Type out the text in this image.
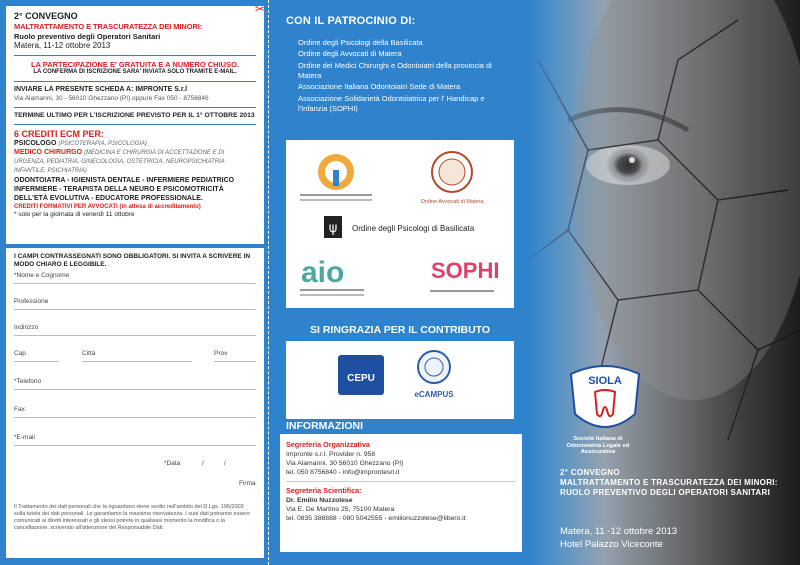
2° CONVEGNO
MALTRATTAMENTO E TRASCURATEZZA DEI MINORI:
Ruolo preventivo degli Operatori Sanitari
Matera, 11-12 ottobre 2013
LA PARTECIPAZIONE E' GRATUITA E A NUMERO CHIUSO.
LA CONFERMA DI ISCRIZIONE SARA' INVIATA SOLO TRAMITE E-MAIL.
INVIARE LA PRESENTE SCHEDA A: IMPRONTE S.r.l
Via Alamanni, 30 - 56010 Ghezzano (PI) oppure Fax 050 - 8756846
TERMINE ULTIMO PER L'ISCRIZIONE PREVISTO PER IL 1° OTTOBRE 2013
6 CREDITI ECM PER:
PSICOLOGO (PSICOTERAPIA, PSICOLOGIA)
MEDICO CHIRURGO (MEDICINA E CHIRURGIA DI ACCETTAZIONE E DI URGENZA, PEDIATRIA, GINECOLOGIA, OSTETRICIA, NEUROPSICHIATRIA INFANTILE, PSICHIATRIA)
ODONTOIATRA - IGIENISTA DENTALE - INFERMIERE PEDIATRICO
INFERMIERE - TERAPISTA DELLA NEURO E PSICOMOTRICITÀ
DELL'ETÀ EVOLUTIVA - EDUCATORE PROFESSIONALE.
CREDITI FORMATIVI PER AVVOCATI (in attesa di accreditamento)
* solo per la giornata di venerdì 11 ottobre
I CAMPI CONTRASSEGNATI SONO OBBLIGATORI. SI INVITA A SCRIVERE IN MODO CHIARO E LEGGIBILE.
*Nome e Cognome
Professione
Indirizzo
Cap	Città	Prov
*Telefono
Fax
*E-mail
*Data	/	/
Firma
Il Trattamento dei dati personali che la riguardano viene svolto nell'ambito del D.Lgs. 196/2003 sulla tutela dei dati personali. Le garantiamo la massima riservatezza. I suoi dati potranno essere comunicati ai diretti interessati e gli stessi potrete in qualsiasi momento la modifica o la cancellazione, scrivendo all'attenzione del Responsabile Dati.
✂
CON IL PATROCINIO DI:
Ordine degli Psicologi della Basilicata
Ordine degli Avvocati di Matera
Ordine dei Medici Chirurghi e Odontoiatri della provincia di Matera
Associazione Italiana Odontoiatri Sede di Matera
Associazione Solidarietà Odontoiatrica per l' Handicap e l'Infanzia (SOPHI)
Ordine Avvocati di Matera
ψ Ordine degli Psicologi di Basilicata
aio	SOPHI
SI RINGRAZIA PER IL CONTRIBUTO
CEPU
eCAMPUS
INFORMAZIONI
Segreteria Organizzativa
Impronte s.r.l. Provider n. 958
Via Alamanni, 30 56010 Ghezzano (PI)
tel. 050 8756840 - info@improntesrl.it
Segreteria Scientifica:
Dr. Emilio Nuzzolese
Via E. De Martino 25, 75100 Matera
tel. 0835 388888 - 080 5042555 - emilionuzzolese@libero.it
SIOLA
Società Italiana di Odontoiatria Legale ed Assicurativa
2° CONVEGNO
MALTRATTAMENTO E TRASCURATEZZA DEI MINORI:
RUOLO PREVENTIVO DEGLI OPERATORI SANITARI
Matera, 11 -12 ottobre 2013
Hotel Palazzo Viceconte
